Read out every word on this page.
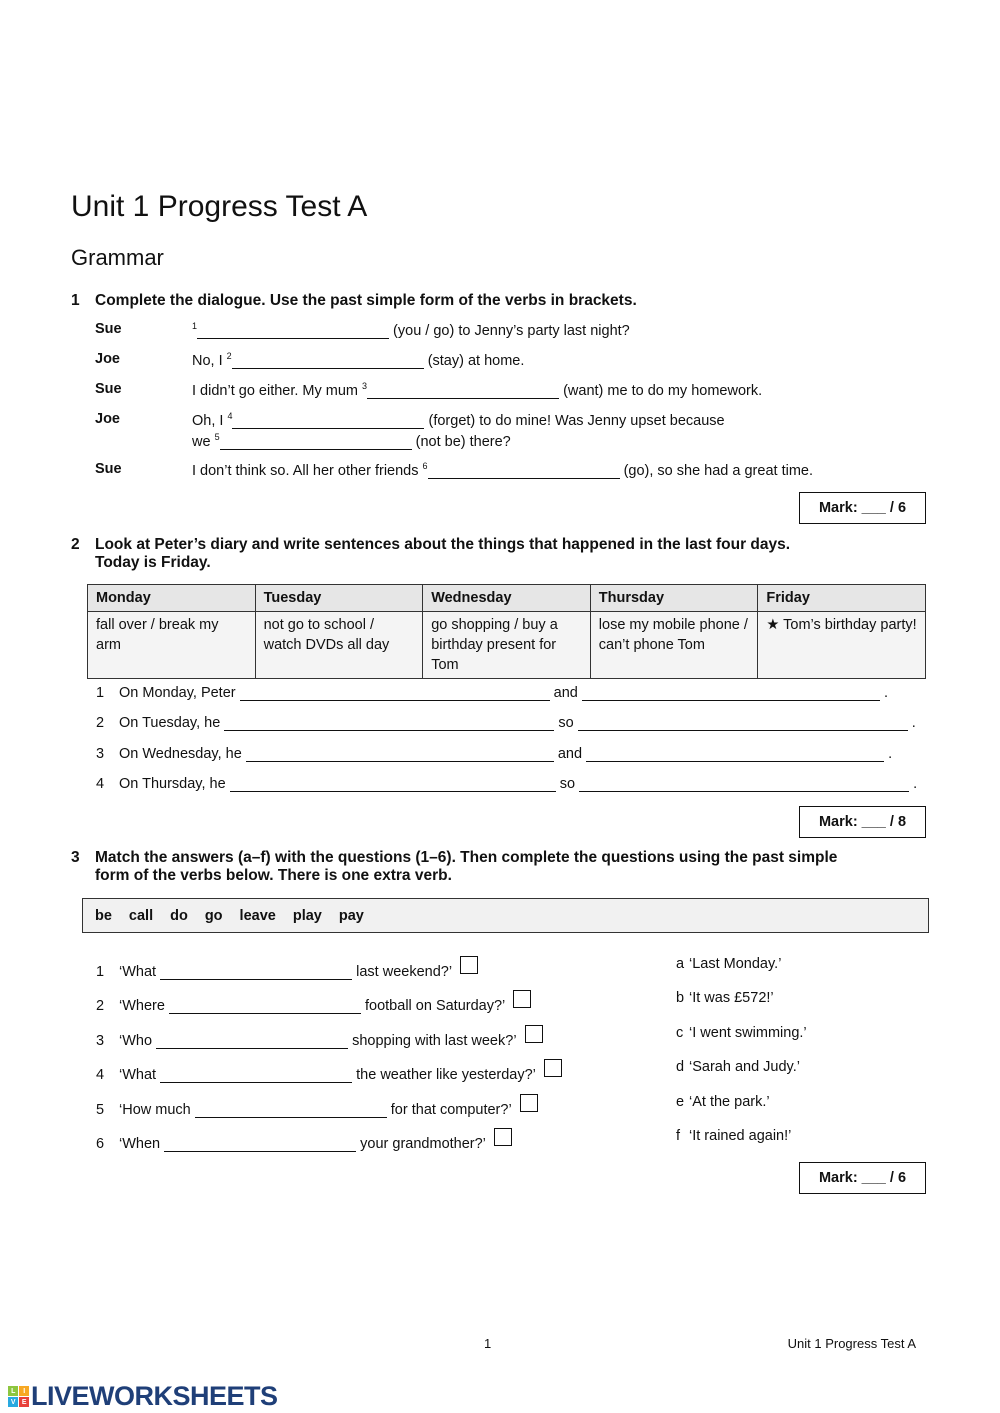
Unit 1 Progress Test A
Grammar
1 Complete the dialogue. Use the past simple form of the verbs in brackets.
Sue	$^1$	(you / go) to Jenny’s party last night?
Joe	No, I $^2$	(stay) at home.
Sue	I didn’t go either. My mum $^3$	(want) me to do my homework.
Joe	Oh, I $^4$	(forget) to do mine! Was Jenny upset because
we $^5$	(not be) there?
Sue	I don’t think so. All her other friends $^6$	(go), so she had a great time.
Mark: ___ / 6
2 Look at Peter’s diary and write sentences about the things that happened in the last four days.
Today is Friday.
Monday	Tuesday	Wednesday	Thursday	Friday
fall over / break my arm	not go to school / watch DVDs all day	go shopping / buy a birthday present for Tom	lose my mobile phone / can’t phone Tom	★ Tom’s birthday party!
1 On Monday, Peter	and	.
2 On Tuesday, he	so	.
3 On Wednesday, he	and	.
4 On Thursday, he	so	.
Mark: ___ / 8
3 Match the answers (a–f) with the questions (1–6). Then complete the questions using the past simple
form of the verbs below. There is one extra verb.
be call do go leave play pay
1 ‘What	last weekend?’
2 ‘Where	football on Saturday?’
3 ‘Who	shopping with last week?’
4 ‘What	the weather like yesterday?’
5 ‘How much	for that computer?’
6 ‘When	your grandmother?’
a ‘Last Monday.’
b ‘It was £572!’
c ‘I went swimming.’
d ‘Sarah and Judy.’
e ‘At the park.’
f ‘It rained again!’
Mark: ___ / 6
1	Unit 1 Progress Test A
L	I
V E LIVEWORKSHEETS
